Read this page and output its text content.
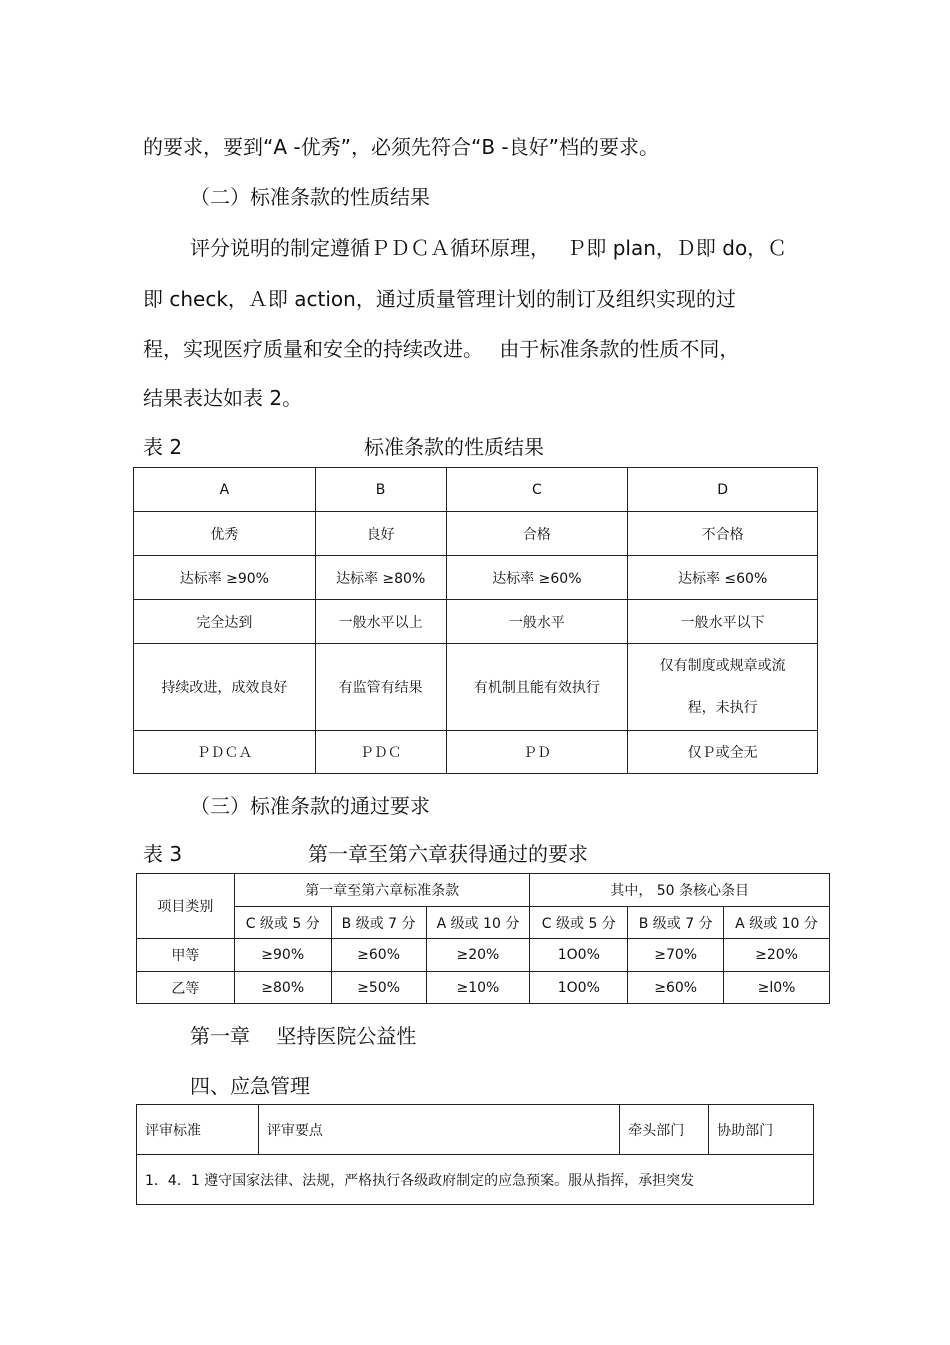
的要求，要到“A -优秀”，必须先符合“B -良好”档的要求。
（二）标准条款的性质结果
评分说明的制定遵循ＰＤＣＡ循环原理，　 Ｐ即 plan，Ｄ即 do，Ｃ
即 check，Ａ即 action，通过质量管理计划的制订及组织实现的过
程，实现医疗质量和安全的持续改进。　 由于标准条款的性质不同，
结果表达如表 2。
表 2	标准条款的性质结果
A	B	C	D
优秀	良好	合格	不合格
达标率 ≥90%	达标率 ≥80%	达标率 ≥60%	达标率 ≤60%
完全达到	一般水平以上	一般水平	一般水平以下
持续改进，成效良好	有监管有结果	有机制且能有效执行	仅有制度或规章或流程，未执行
ＰＤＣＡ	ＰＤＣ	ＰＤ	仅Ｐ或全无
（三）标准条款的通过要求
表 3	第一章至第六章获得通过的要求
项目类别	第一章至第六章标准条款			其中， 50 条核心条目		
	C 级或 5 分	B 级或 7 分	A 级或 10 分	C 级或 5 分	B 级或 7 分	A 级或 10 分
甲等	≥90%	≥60%	≥20%	1O0%	≥70%	≥20%
乙等	≥80%	≥50%	≥10%	1O0%	≥60%	≥l0%
第一章　 坚持医院公益性
四、应急管理
评审标准	评审要点	牵头部门	协助部门
1．4．1 遵守国家法律、法规，严格执行各级政府制定的应急预案。服从指挥，承担突发
